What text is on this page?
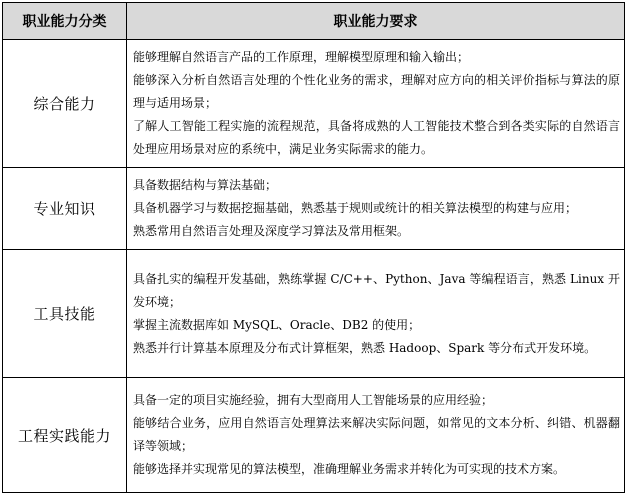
职业能力分类	职业能力要求
综合能力	能够理解自然语言产品的工作原理，理解模型原理和输入输出；

能够深入分析自然语言处理的个性化业务的需求，理解对应方向的相关评价指标与算法的原理与适用场景；

了解人工智能工程实施的流程规范，具备将成熟的人工智能技术整合到各类实际的自然语言处理应用场景对应的系统中，满足业务实际需求的能力。

专业知识	具备数据结构与算法基础；

具备机器学习与数据挖掘基础，熟悉基于规则或统计的相关算法模型的构建与应用；

熟悉常用自然语言处理及深度学习算法及常用框架。

工具技能	具备扎实的编程开发基础，熟练掌握 C/C++、Python、Java 等编程语言，熟悉 Linux 开发环境；

掌握主流数据库如 MySQL、Oracle、DB2 的使用；

熟悉并行计算基本原理及分布式计算框架，熟悉 Hadoop、Spark 等分布式开发环境。

工程实践能力	具备一定的项目实施经验，拥有大型商用人工智能场景的应用经验；

能够结合业务，应用自然语言处理算法来解决实际问题，如常见的文本分析、纠错、机器翻译等领域；

能够选择并实现常见的算法模型，准确理解业务需求并转化为可实现的技术方案。
